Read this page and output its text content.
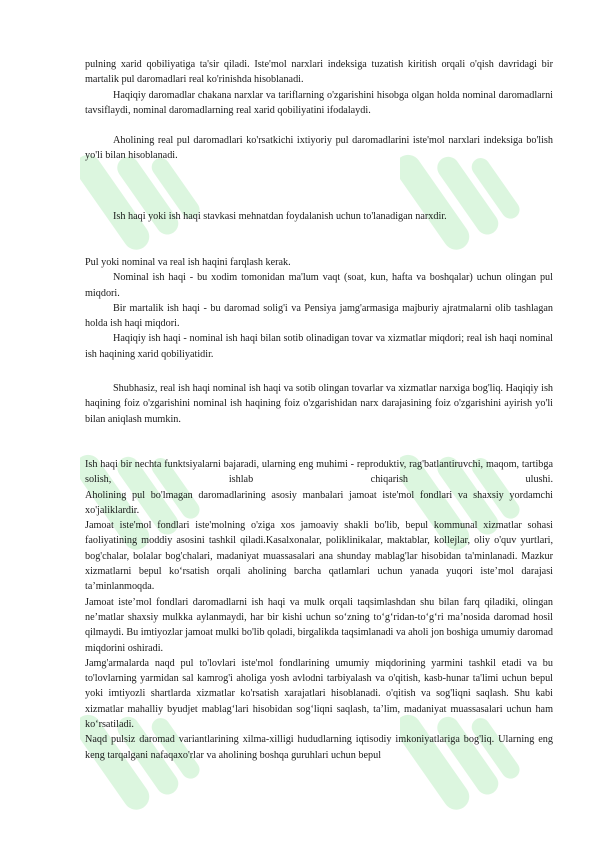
pulning xarid qobiliyatiga ta'sir qiladi. Iste'mol narxlari indeksiga tuzatish kiritish orqali o'qish davridagi bir martalik pul daromadlari real ko'rinishda hisoblanadi.

Haqiqiy daromadlar chakana narxlar va tariflarning o'zgarishini hisobga olgan holda nominal daromadlarni tavsiflaydi, nominal daromadlarning real xarid qobiliyatini ifodalaydi.

Aholining real pul daromadlari ko'rsatkichi ixtiyoriy pul daromadlarini iste'mol narxlari indeksiga bo'lish yo'li bilan hisoblanadi.

Ish haqi yoki ish haqi stavkasi mehnatdan foydalanish uchun to'lanadigan narxdir.

Pul yoki nominal va real ish haqini farqlash kerak.

Nominal ish haqi - bu xodim tomonidan ma'lum vaqt (soat, kun, hafta va boshqalar) uchun olingan pul miqdori.

Bir martalik ish haqi - bu daromad solig'i va Pensiya jamg'armasiga majburiy ajratmalarni olib tashlagan holda ish haqi miqdori.

Haqiqiy ish haqi - nominal ish haqi bilan sotib olinadigan tovar va xizmatlar miqdori; real ish haqi nominal ish haqining xarid qobiliyatidir.

Shubhasiz, real ish haqi nominal ish haqi va sotib olingan tovarlar va xizmatlar narxiga bog'liq. Haqiqiy ish haqining foiz o'zgarishini nominal ish haqining foiz o'zgarishidan narx darajasining foiz o'zgarishini ayirish yo'li bilan aniqlash mumkin.

Ish haqi bir nechta funktsiyalarni bajaradi, ularning eng muhimi - reproduktiv, rag'batlantiruvchi, maqom, tartibga solish, ishlab chiqarish ulushi.

Aholining pul bo'lmagan daromadlarining asosiy manbalari jamoat iste'mol fondlari va shaxsiy yordamchi xo'jaliklardir.

Jamoat iste'mol fondlari iste'molning o'ziga xos jamoaviy shakli bo'lib, bepul kommunal xizmatlar sohasi faoliyatining moddiy asosini tashkil qiladi.Kasalxonalar, poliklinikalar, maktablar, kollejlar, oliy o'quv yurtlari, bog'chalar, bolalar bog'chalari, madaniyat muassasalari ana shunday mablag'lar hisobidan ta'minlanadi. Mazkur xizmatlarni bepul ko‘rsatish orqali aholining barcha qatlamlari uchun yanada yuqori iste’mol darajasi ta’minlanmoqda.

Jamoat iste’mol fondlari daromadlarni ish haqi va mulk orqali taqsimlashdan shu bilan farq qiladiki, olingan ne’matlar shaxsiy mulkka aylanmaydi, har bir kishi uchun so‘zning to‘g‘ridan-to‘g‘ri ma’nosida daromad hosil qilmaydi. Bu imtiyozlar jamoat mulki bo'lib qoladi, birgalikda taqsimlanadi va aholi jon boshiga umumiy daromad miqdorini oshiradi.

Jamg'armalarda naqd pul to'lovlari iste'mol fondlarining umumiy miqdorining yarmini tashkil etadi va bu to'lovlarning yarmidan sal kamrog'i aholiga yosh avlodni tarbiyalash va o'qitish, kasb-hunar ta'limi uchun bepul yoki imtiyozli shartlarda xizmatlar ko'rsatish xarajatlari hisoblanadi. o'qitish va sog'liqni saqlash. Shu kabi xizmatlar mahalliy byudjet mablag‘lari hisobidan sog‘liqni saqlash, ta’lim, madaniyat muassasalari uchun ham ko‘rsatiladi.

Naqd pulsiz daromad variantlarining xilma-xilligi hududlarning iqtisodiy imkoniyatlariga bog'liq. Ularning eng keng tarqalgani nafaqaxo'rlar va aholining boshqa guruhlari uchun bepul
